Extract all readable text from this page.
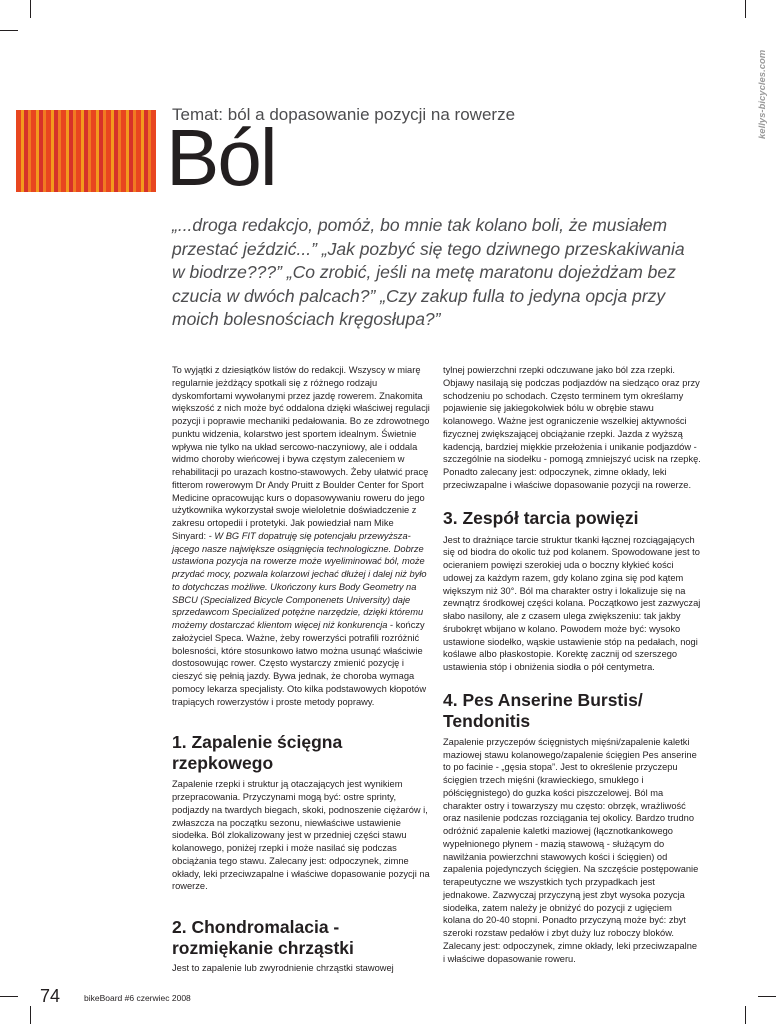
kellys-bicycles.com
Temat: ból a dopasowanie pozycji na rowerze
Ból

„...droga redakcjo, pomóż, bo mnie tak kolano boli, że musiałem przestać jeździć...” „Jak pozbyć się tego dziwnego przeskakiwania w biodrze???” „Co zrobić, jeśli na metę maratonu dojeżdżam bez czucia w dwóch palcach?” „Czy zakup fulla to jedyna opcja przy moich bolesnościach kręgosłupa?”

To wyjątki z dziesiątków listów do redakcji. Wszyscy w miarę regularnie jeżdżący spotkali się z różnego rodzaju dyskomfortami wywołanymi przez jazdę rowerem. Znakomita większość z nich może być oddalona dzięki właściwej regulacji pozycji i poprawie mechaniki pedałowania. Bo ze zdrowotnego punktu widzenia, kolarstwo jest sportem idealnym. Świetnie wpływa nie tylko na układ sercowo-naczyniowy, ale i oddala widmo choroby wieńcowej i bywa częstym zaleceniem w rehabilitacji po urazach kostno-stawowych. Żeby ułatwić pracę fitterom rowerowym Dr Andy Pruitt z Boulder Center for Sport Medicine opracowując kurs o dopasowywaniu roweru do jego użytkownika wykorzystał swoje wieloletnie doświadczenie z zakresu ortopedii i protetyki. Jak powiedział nam Mike Sinyard: - W BG FIT dopatruję się potencjału przewyższającego nasze największe osiągnięcia technologiczne. Dobrze ustawiona pozycja na rowerze może wyeliminować ból, może przydać mocy, pozwala kolarzowi jechać dłużej i dalej niż było to dotychczas możliwe. Ukończony kurs Body Geometry na SBCU (Specialized Bicycle Componenets University) daje sprzedawcom Specialized potężne narzędzie, dzięki któremu możemy dostarczać klientom więcej niż konkurencja - kończy założyciel Speca. Ważne, żeby rowerzyści potrafili rozróżnić bolesności, które stosunkowo łatwo można usunąć właściwie dostosowując rower. Często wystarczy zmienić pozycję i cieszyć się pełnią jazdy. Bywa jednak, że choroba wymaga pomocy lekarza specjalisty. Oto kilka podstawowych kłopotów trapiących rowerzystów i proste metody poprawy.

1. Zapalenie ścięgna rzepkowego

Zapalenie rzepki i struktur ją otaczających jest wynikiem przepracowania. Przyczynami mogą być: ostre sprinty, podjazdy na twardych biegach, skoki, podnoszenie ciężarów i, zwłaszcza na początku sezonu, niewłaściwe ustawienie siodełka. Ból zlokalizowany jest w przedniej części stawu kolanowego, poniżej rzepki i może nasilać się podczas obciążania tego stawu. Zalecany jest: odpoczynek, zimne okłady, leki przeciwzapalne i właściwe dopasowanie pozycji na rowerze.

2. Chondromalacia - rozmiękanie chrząstki

Jest to zapalenie lub zwyrodnienie chrząstki stawowej

tylnej powierzchni rzepki odczuwane jako ból zza rzepki. Objawy nasilają się podczas podjazdów na siedząco oraz przy schodzeniu po schodach. Często terminem tym określamy pojawienie się jakiegokolwiek bólu w obrębie stawu kolanowego. Ważne jest ograniczenie wszelkiej aktywności fizycznej zwiększającej obciążanie rzepki. Jazda z wyższą kadencją, bardziej miękkie przełożenia i unikanie podjazdów - szczególnie na siodełku - pomogą zmniejszyć ucisk na rzepkę. Ponadto zalecany jest: odpoczynek, zimne okłady, leki przeciwzapalne i właściwe dopasowanie pozycji na rowerze.

3. Zespół tarcia powięzi

Jest to drażniące tarcie struktur tkanki łącznej rozciągających się od biodra do okolic tuż pod kolanem. Spowodowane jest to ocieraniem powięzi szerokiej uda o boczny kłykieć kości udowej za każdym razem, gdy kolano zgina się pod kątem większym niż 30°. Ból ma charakter ostry i lokalizuje się na zewnątrz środkowej części kolana. Początkowo jest zazwyczaj słabo nasilony, ale z czasem ulega zwiększeniu: tak jakby śrubokręt wbijano w kolano. Powodem może być: wysoko ustawione siodełko, wąskie ustawienie stóp na pedałach, nogi koślawe albo płaskostopie. Korektę zacznij od szerszego ustawienia stóp i obniżenia siodła o pół centymetra.

4. Pes Anserine Burstis/ Tendonitis

Zapalenie przyczepów ścięgnistych mięśni/zapalenie kaletki maziowej stawu kolanowego/zapalenie ścięgien Pes anserine to po facinie - „gęsia stopa”. Jest to określenie przyczepu ścięgien trzech mięśni (krawieckiego, smukłego i półścięgnistego) do guzka kości piszczelowej. Ból ma charakter ostry i towarzyszy mu często: obrzęk, wrażliwość oraz nasilenie podczas rozciągania tej okolicy. Bardzo trudno odróżnić zapalenie kaletki maziowej (łącznotkankowego wypełnionego płynem - mazią stawową - służącym do nawilżania powierzchni stawowych kości i ścięgien) od zapalenia pojedynczych ścięgien. Na szczęście postępowanie terapeutyczne we wszystkich tych przypadkach jest jednakowe. Zazwyczaj przyczyną jest zbyt wysoka pozycja siodełka, zatem należy je obniżyć do pozycji z ugięciem kolana do 20-40 stopni. Ponadto przyczyną może być: zbyt szeroki rozstaw pedałów i zbyt duży luz roboczy bloków. Zalecany jest: odpoczynek, zimne okłady, leki przeciwzapalne i właściwe dopasowanie roweru.

74	bikeBoard #6 czerwiec 2008
